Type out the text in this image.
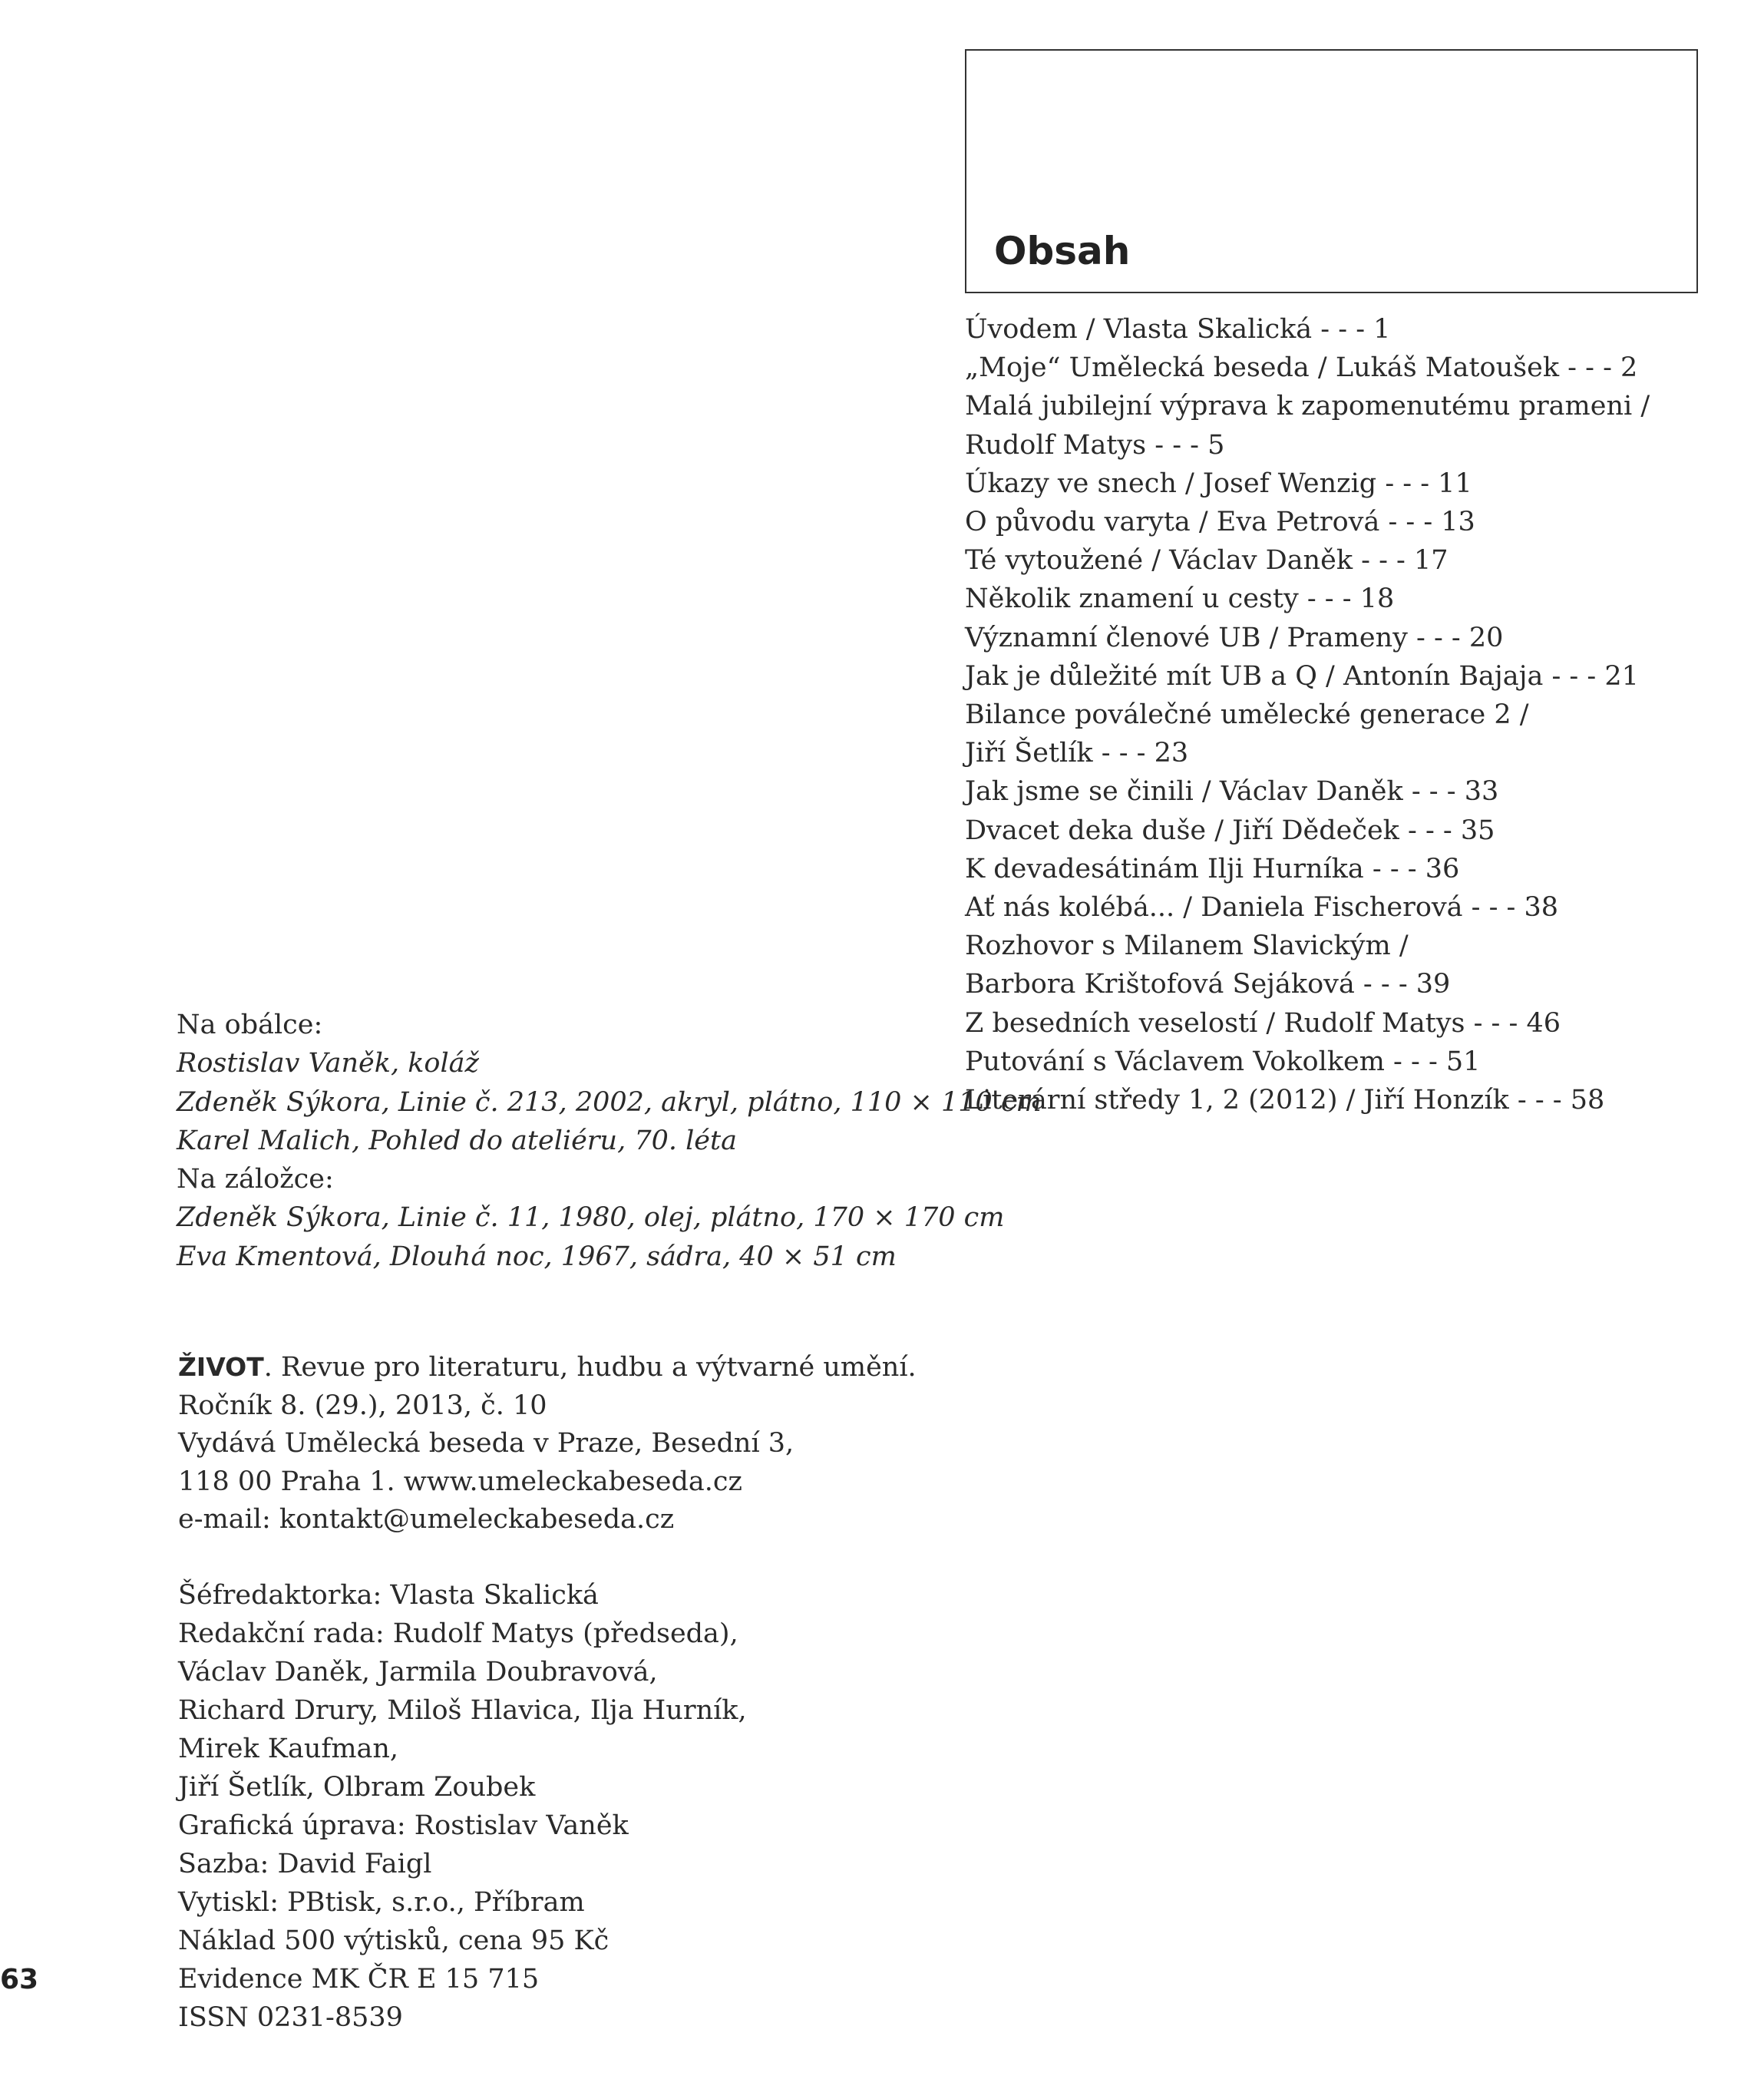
Obsah
Úvodem / Vlasta Skalická - - - 1
„Moje“ Umělecká beseda / Lukáš Matoušek - - - 2
Malá jubilejní výprava k zapomenutému prameni /
Rudolf Matys - - - 5
Úkazy ve snech / Josef Wenzig - - - 11
O původu varyta / Eva Petrová - - - 13
Té vytoužené / Václav Daněk - - - 17
Několik znamení u cesty - - - 18
Významní členové UB / Prameny - - - 20
Jak je důležité mít UB a Q / Antonín Bajaja - - - 21
Bilance poválečné umělecké generace 2 /
Jiří Šetlík - - - 23
Jak jsme se činili / Václav Daněk - - - 33
Dvacet deka duše / Jiří Dědeček - - - 35
K devadesátinám Ilji Hurníka - - - 36
Ať nás kolébá... / Daniela Fischerová - - - 38
Rozhovor s Milanem Slavickým /
Barbora Krištofová Sejáková - - - 39
Z besedních veselostí / Rudolf Matys - - - 46
Putování s Václavem Vokolkem - - - 51
Literární středy 1, 2 (2012) / Jiří Honzík - - - 58
Na obálce:
Rostislav Vaněk, koláž
Zdeněk Sýkora, Linie č. 213, 2002, akryl, plátno, 110 × 110 cm
Karel Malich, Pohled do ateliéru, 70. léta
Na záložce:
Zdeněk Sýkora, Linie č. 11, 1980, olej, plátno, 170 × 170 cm
Eva Kmentová, Dlouhá noc, 1967, sádra, 40 × 51 cm
ŽIVOT. Revue pro literaturu, hudbu a výtvarné umění.
Ročník 8. (29.), 2013, č. 10
Vydává Umělecká beseda v Praze, Besední 3,
118 00 Praha 1. www.umeleckabeseda.cz
e-mail: kontakt@umeleckabeseda.cz
Šéfredaktorka: Vlasta Skalická
Redakční rada: Rudolf Matys (předseda),
Václav Daněk, Jarmila Doubravová,
Richard Drury, Miloš Hlavica, Ilja Hurník,
Mirek Kaufman,
Jiří Šetlík, Olbram Zoubek
Grafická úprava: Rostislav Vaněk
Sazba: David Faigl
Vytiskl: PBtisk, s.r.o., Příbram
Náklad 500 výtisků, cena 95 Kč
Evidence MK ČR E 15 715
ISSN 0231-8539
63
